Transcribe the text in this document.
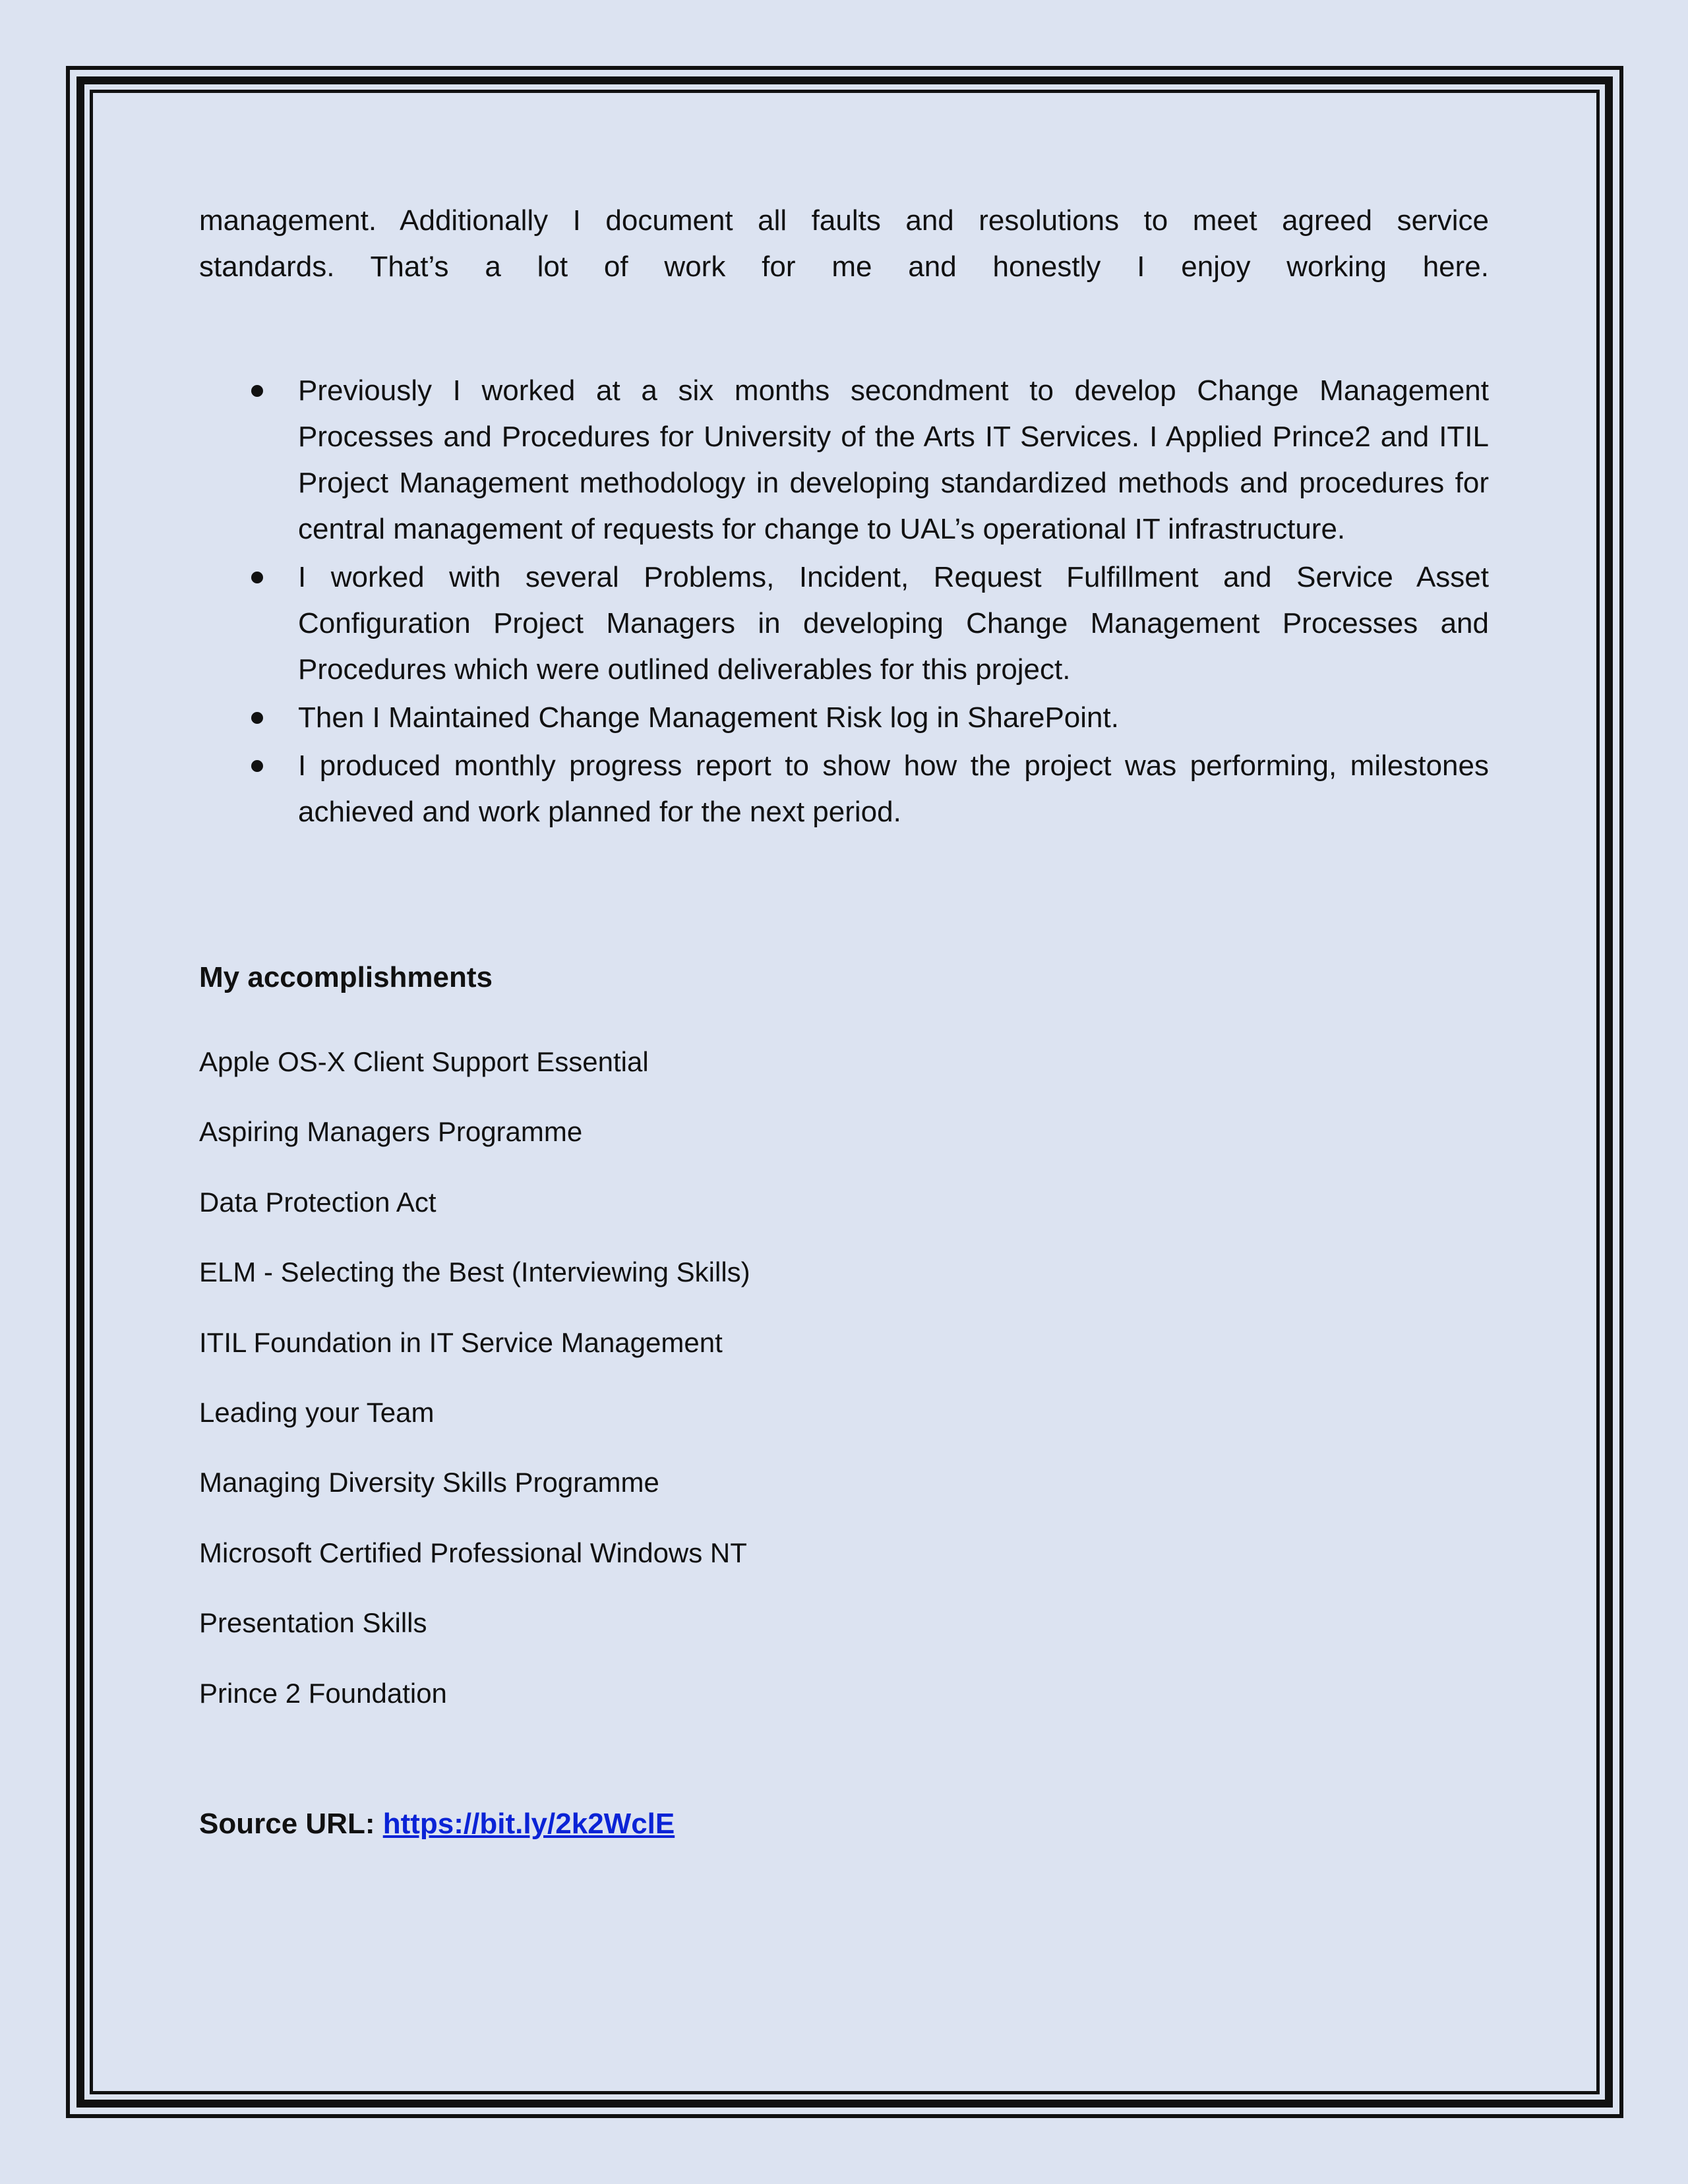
management. Additionally I document all faults and resolutions to meet agreed service

standards. That’s a lot of work for me and honestly I enjoy working here.

Previously I worked at a six months secondment to develop Change Management Processes and Procedures for University of the Arts IT Services. I Applied Prince2 and ITIL Project Management methodology in developing standardized methods and procedures for central management of requests for change to UAL’s operational IT infrastructure.
I worked with several Problems, Incident, Request Fulfillment and Service Asset Configuration Project Managers in developing Change Management Processes and Procedures which were outlined deliverables for this project.
Then I Maintained Change Management Risk log in SharePoint.
I produced monthly progress report to show how the project was performing, milestones achieved and work planned for the next period.
My accomplishments
Apple OS-X Client Support Essential
Aspiring Managers Programme
Data Protection Act
ELM - Selecting the Best (Interviewing Skills)
ITIL Foundation in IT Service Management
Leading your Team
Managing Diversity Skills Programme
Microsoft Certified Professional Windows NT
Presentation Skills
Prince 2 Foundation
Source URL: https://bit.ly/2k2WclE
